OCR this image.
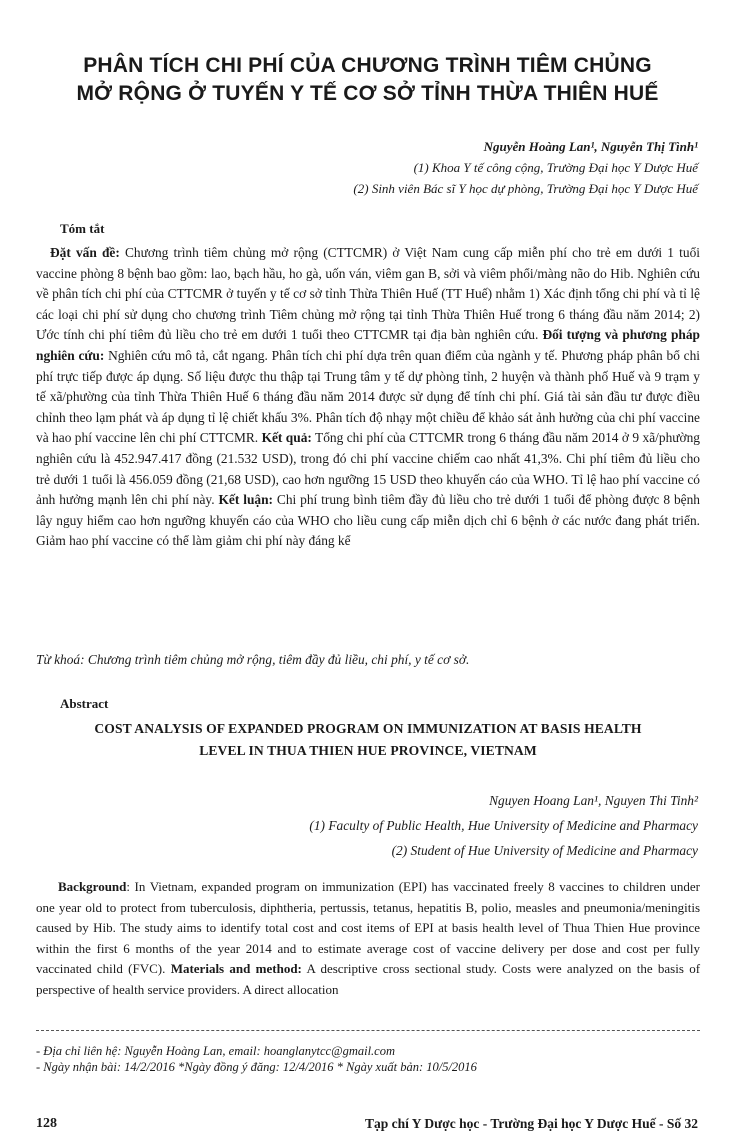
PHÂN TÍCH CHI PHÍ CỦA CHƯƠNG TRÌNH TIÊM CHỦNG
MỞ RỘNG Ở TUYẾN Y TẾ CƠ SỞ TỈNH THỪA THIÊN HUẾ
Nguyễn Hoàng Lan¹, Nguyễn Thị Tình¹
(1) Khoa Y tế công cộng, Trường Đại học Y Dược Huế
(2) Sinh viên Bác sĩ Y học dự phòng, Trường Đại học Y Dược Huế
Tóm tắt
Đặt vấn đề: Chương trình tiêm chủng mở rộng (CTTCMR) ở Việt Nam cung cấp miễn phí cho trẻ em dưới 1 tuổi vaccine phòng 8 bệnh bao gồm: lao, bạch hầu, ho gà, uốn ván, viêm gan B, sởi và viêm phổi/màng não do Hib. Nghiên cứu về phân tích chi phí của CTTCMR ở tuyến y tế cơ sở tỉnh Thừa Thiên Huế (TT Huế) nhằm 1) Xác định tổng chi phí và tỉ lệ các loại chi phí sử dụng cho chương trình Tiêm chủng mở rộng tại tỉnh Thừa Thiên Huế trong 6 tháng đầu năm 2014; 2) Ước tính chi phí tiêm đủ liều cho trẻ em dưới 1 tuổi theo CTTCMR tại địa bàn nghiên cứu. Đối tượng và phương pháp nghiên cứu: Nghiên cứu mô tả, cắt ngang. Phân tích chi phí dựa trên quan điểm của ngành y tế. Phương pháp phân bổ chi phí trực tiếp được áp dụng. Số liệu được thu thập tại Trung tâm y tế dự phòng tỉnh, 2 huyện và thành phố Huế và 9 trạm y tế xã/phường của tỉnh Thừa Thiên Huế 6 tháng đầu năm 2014 được sử dụng để tính chi phí. Giá tài sản đầu tư được điều chỉnh theo lạm phát và áp dụng tỉ lệ chiết khấu 3%. Phân tích độ nhạy một chiều để khảo sát ảnh hưởng của chi phí vaccine và hao phí vaccine lên chi phí CTTCMR. Kết quả: Tổng chi phí của CTTCMR trong 6 tháng đầu năm 2014 ở 9 xã/phường nghiên cứu là 452.947.417 đồng (21.532 USD), trong đó chi phí vaccine chiếm cao nhất 41,3%. Chi phí tiêm đủ liều cho trẻ dưới 1 tuổi là 456.059 đồng (21,68 USD), cao hơn ngưỡng 15 USD theo khuyến cáo của WHO. Tỉ lệ hao phí vaccine có ảnh hưởng mạnh lên chi phí này. Kết luận: Chi phí trung bình tiêm đầy đủ liều cho trẻ dưới 1 tuổi để phòng được 8 bệnh lây nguy hiểm cao hơn ngưỡng khuyến cáo của WHO cho liều cung cấp miễn dịch chỉ 6 bệnh ở các nước đang phát triển. Giảm hao phí vaccine có thể làm giảm chi phí này đáng kể
Từ khoá: Chương trình tiêm chủng mở rộng, tiêm đầy đủ liều, chi phí, y tế cơ sở.
Abstract
COST ANALYSIS OF EXPANDED PROGRAM ON IMMUNIZATION AT BASIS HEALTH
LEVEL IN THUA THIEN HUE PROVINCE, VIETNAM
Nguyen Hoang Lan¹, Nguyen Thi Tinh²
(1) Faculty of Public Health, Hue University of Medicine and Pharmacy
(2) Student of Hue University of Medicine and Pharmacy
Background: In Vietnam, expanded program on immunization (EPI) has vaccinated freely 8 vaccines to children under one year old to protect from tuberculosis, diphtheria, pertussis, tetanus, hepatitis B, polio, measles and pneumonia/meningitis caused by Hib. The study aims to identify total cost and cost items of EPI at basis health level of Thua Thien Hue province within the first 6 months of the year 2014 and to estimate average cost of vaccine delivery per dose and cost per fully vaccinated child (FVC). Materials and method: A descriptive cross sectional study. Costs were analyzed on the basis of perspective of health service providers. A direct allocation
- Địa chỉ liên hệ: Nguyễn Hoàng Lan, email: hoanglanytcc@gmail.com
- Ngày nhận bài: 14/2/2016 *Ngày đồng ý đăng: 12/4/2016 * Ngày xuất bản: 10/5/2016
128	Tạp chí Y Dược học - Trường Đại học Y Dược Huế - Số 32
